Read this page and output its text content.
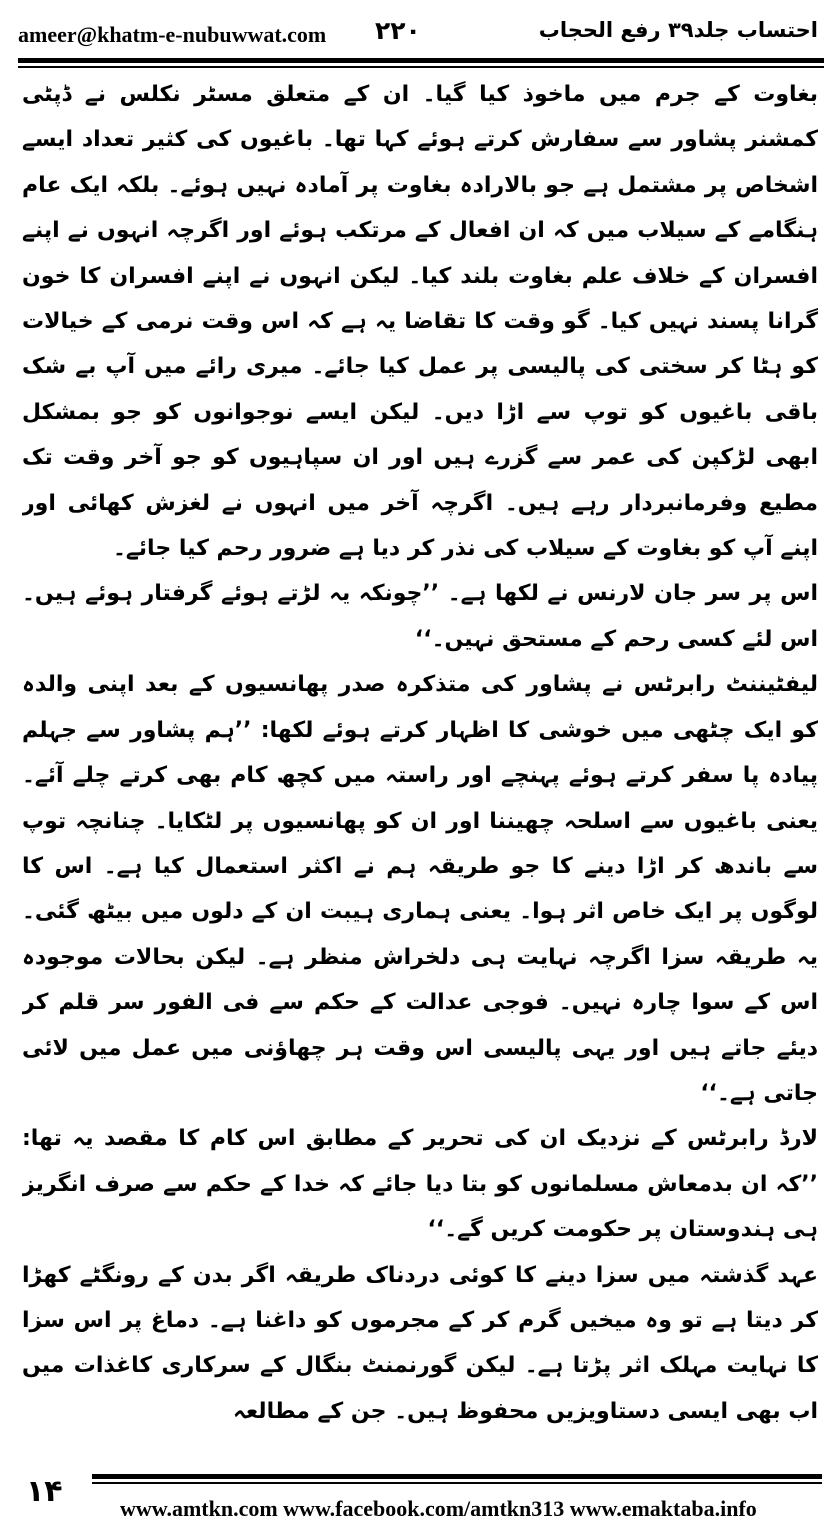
ameer@khatm-e-nubuwwat.com ۲۲۰	احتساب جلد۳۹ رفع الحجاب

بغاوت کے جرم میں ماخوذ کیا گیا۔ ان کے متعلق مسٹر نکلس نے ڈپٹی کمشنر پشاور سے سفارش کرتے ہوئے کہا تھا۔ باغیوں کی کثیر تعداد ایسے اشخاص پر مشتمل ہے جو بالارادہ بغاوت پر آمادہ نہیں ہوئے۔ بلکہ ایک عام ہنگامے کے سیلاب میں کہ ان افعال کے مرتکب ہوئے اور اگرچہ انہوں نے اپنے افسران کے خلاف علم بغاوت بلند کیا۔ لیکن انہوں نے اپنے افسران کا خون گرانا پسند نہیں کیا۔ گو وقت کا تقاضا یہ ہے کہ اس وقت نرمی کے خیالات کو ہٹا کر سختی کی پالیسی پر عمل کیا جائے۔ میری رائے میں آپ بے شک باقی باغیوں کو توپ سے اڑا دیں۔ لیکن ایسے نوجوانوں کو جو بمشکل ابھی لڑکپن کی عمر سے گزرے ہیں اور ان سپاہیوں کو جو آخر وقت تک مطیع وفرمانبردار رہے ہیں۔ اگرچہ آخر میں انہوں نے لغزش کھائی اور اپنے آپ کو بغاوت کے سیلاب کی نذر کر دیا ہے ضرور رحم کیا جائے۔

اس پر سر جان لارنس نے لکھا ہے۔ ’’چونکہ یہ لڑتے ہوئے گرفتار ہوئے ہیں۔ اس لئے کسی رحم کے مستحق نہیں۔‘‘

لیفٹیننٹ رابرٹس نے پشاور کی متذکرہ صدر پھانسیوں کے بعد اپنی والدہ کو ایک چٹھی میں خوشی کا اظہار کرتے ہوئے لکھا: ’’ہم پشاور سے جہلم پیادہ پا سفر کرتے ہوئے پہنچے اور راستہ میں کچھ کام بھی کرتے چلے آئے۔ یعنی باغیوں سے اسلحہ چھیننا اور ان کو پھانسیوں پر لٹکایا۔ چنانچہ توپ سے باندھ کر اڑا دینے کا جو طریقہ ہم نے اکثر استعمال کیا ہے۔ اس کا لوگوں پر ایک خاص اثر ہوا۔ یعنی ہماری ہیبت ان کے دلوں میں بیٹھ گئی۔ یہ طریقہ سزا اگرچہ نہایت ہی دلخراش منظر ہے۔ لیکن بحالات موجودہ اس کے سوا چارہ نہیں۔ فوجی عدالت کے حکم سے فی الفور سر قلم کر دیئے جاتے ہیں اور یہی پالیسی اس وقت ہر چھاؤنی میں عمل میں لائی جاتی ہے۔‘‘

لارڈ رابرٹس کے نزدیک ان کی تحریر کے مطابق اس کام کا مقصد یہ تھا: ’’کہ ان بدمعاش مسلمانوں کو بتا دیا جائے کہ خدا کے حکم سے صرف انگریز ہی ہندوستان پر حکومت کریں گے۔‘‘

عہد گذشتہ میں سزا دینے کا کوئی دردناک طریقہ اگر بدن کے رونگٹے کھڑا کر دیتا ہے تو وہ میخیں گرم کر کے مجرموں کو داغنا ہے۔ دماغ پر اس سزا کا نہایت مہلک اثر پڑتا ہے۔ لیکن گورنمنٹ بنگال کے سرکاری کاغذات میں اب بھی ایسی دستاویزیں محفوظ ہیں۔ جن کے مطالعہ

۱۴	www.amtkn.com www.facebook.com/amtkn313 www.emaktaba.info
